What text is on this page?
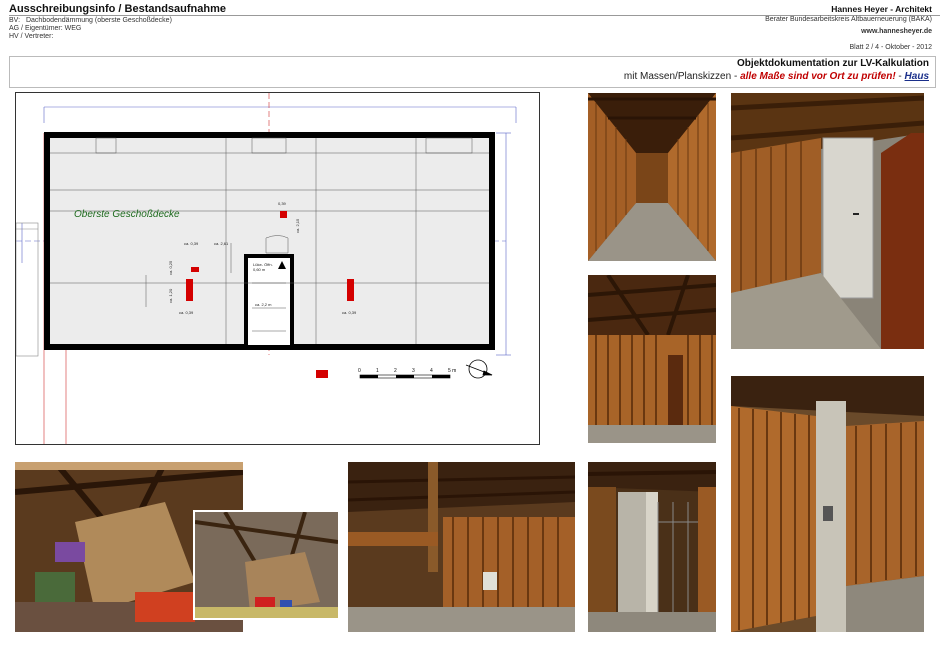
Ausschreibungsinfo / Bestandsaufnahme
BV: Dachbodendämmung (oberste Geschoßdecke)
AG / Eigentümer: WEG
HV / Vertreter:
Hannes Heyer - Architekt
Berater Bundesarbeitskreis Altbauerneuerung (BAKA)
www.hannesheyer.de
Blatt 2 / 4 - Oktober - 2012
Objektdokumentation zur LV-Kalkulation
mit Massen/Planskizzen - alle Maße sind vor Ort zu prüfen! - Haus
Oberste Geschoßdecke
ca. 0,39	ca. 2,61
ca. 2,15
0,39
ca. 0,39	ca. 0,39
ca. 2,2 m
ca. 1,20
ca. 0,25	Lüke- Öffn.
0,60 m
0	1	2	3	4	5 m
